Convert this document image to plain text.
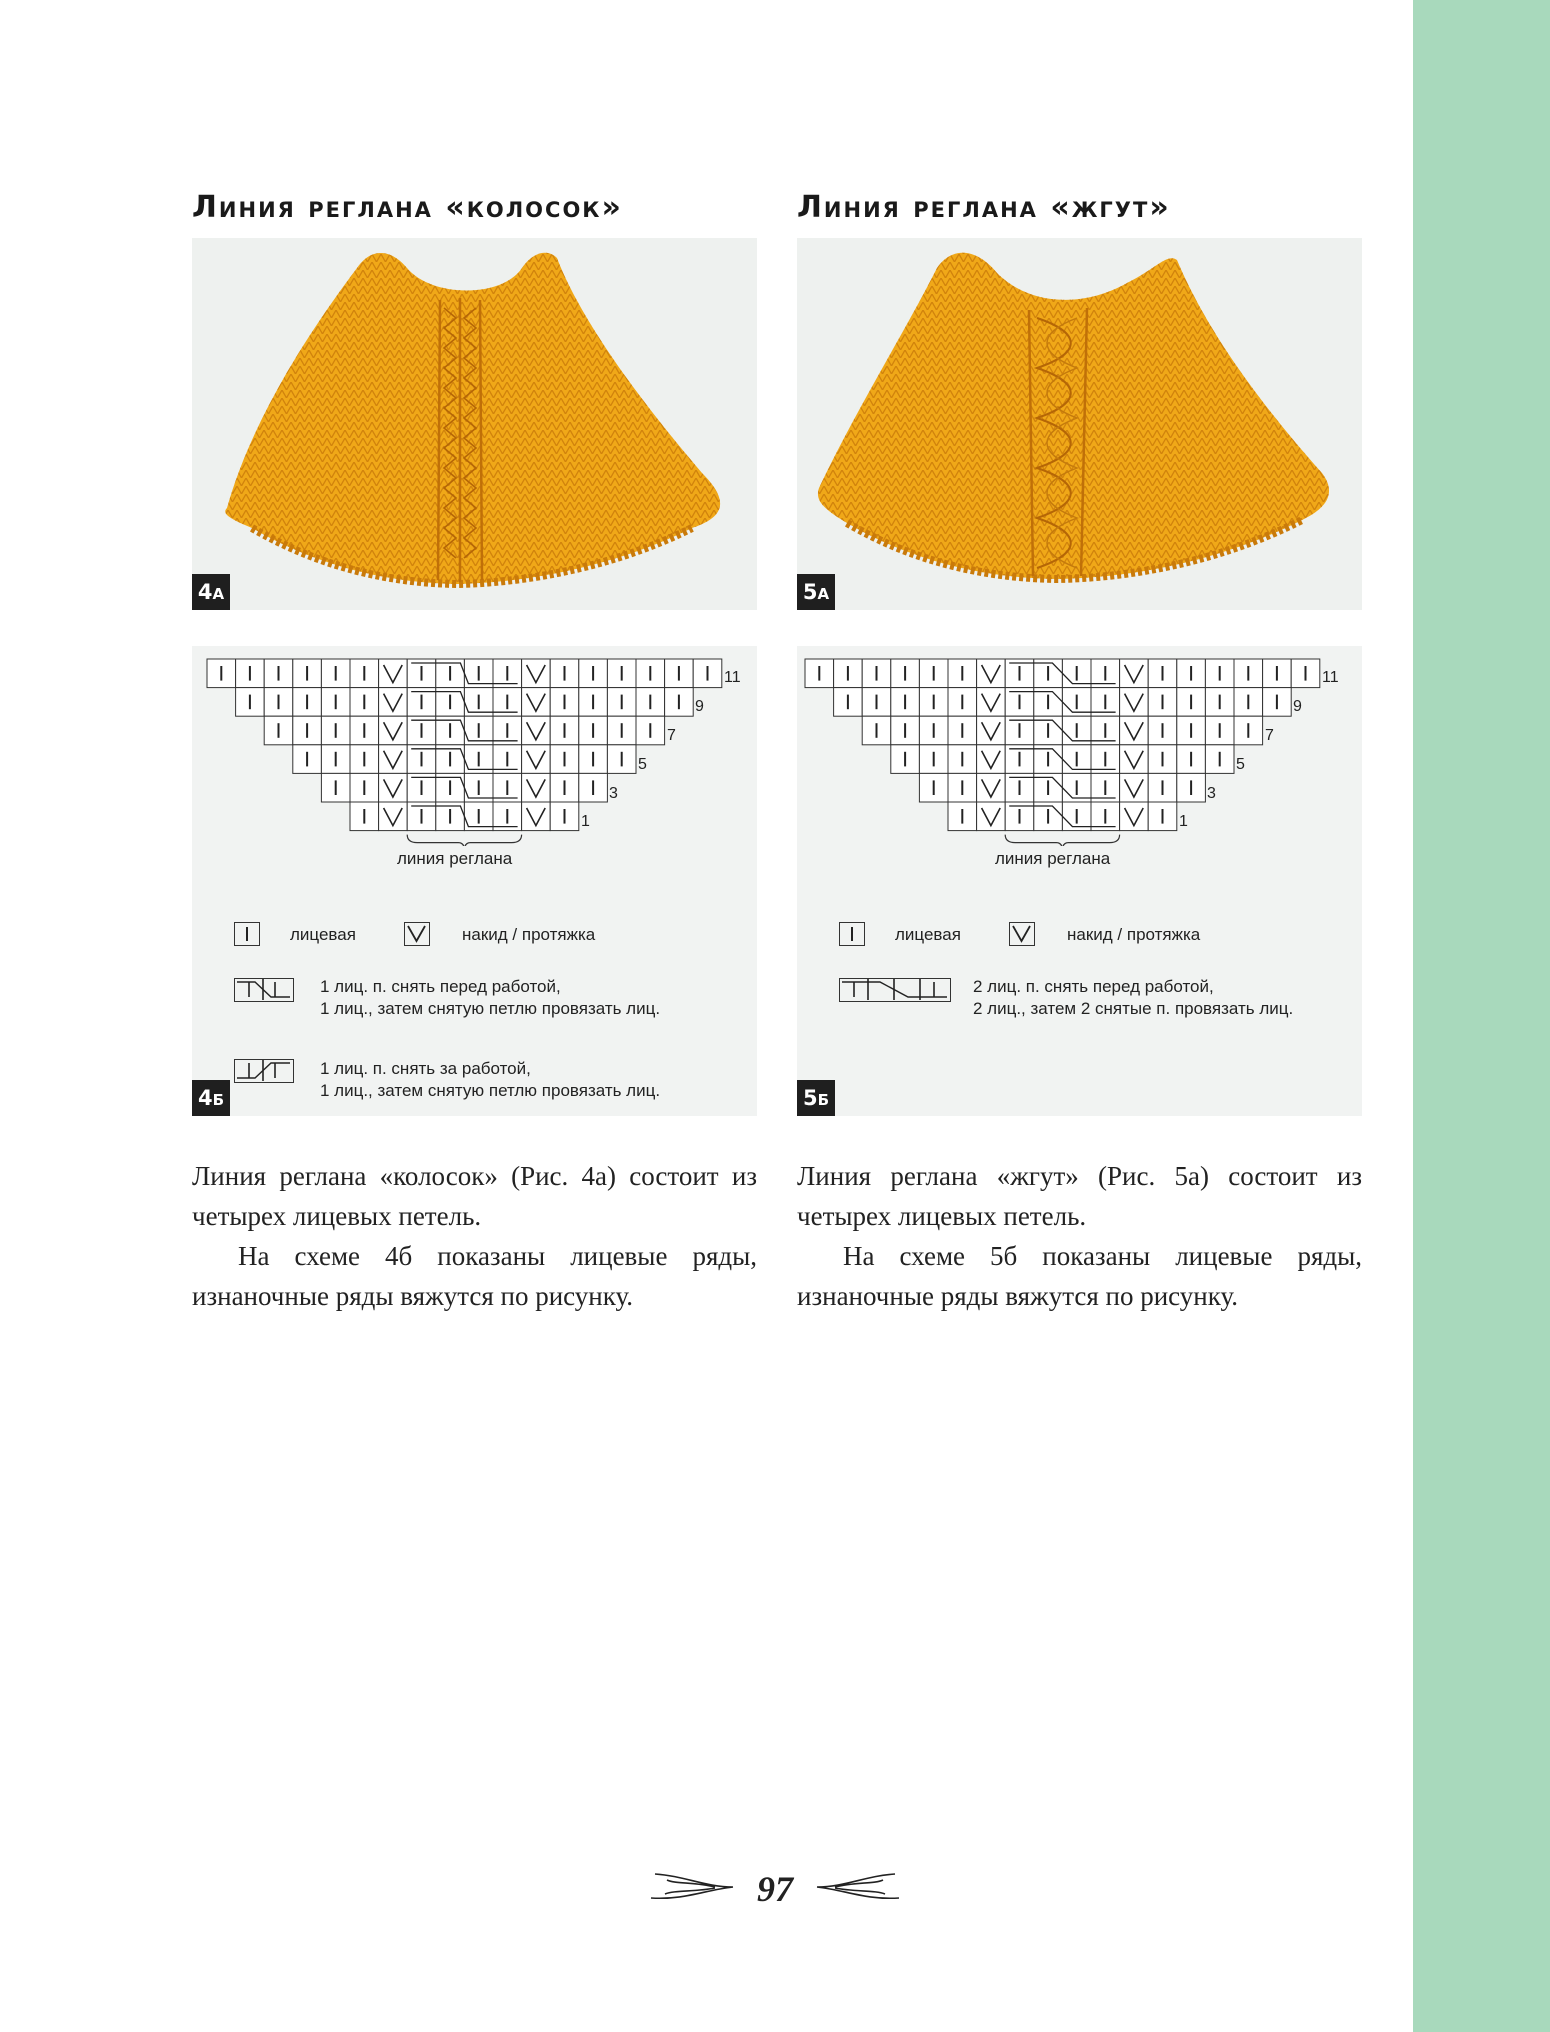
Линия реглана «колосок»
4а
11
9
7
5
3
1
линия реглана
лицевая	накид / протяжка
1 лиц. п. снять перед работой,
1 лиц., затем снятую петлю провязать лиц.
1 лиц. п. снять за работой,
1 лиц., затем снятую петлю провязать лиц.
4б

Линия реглана «колосок» (Рис. 4а) состоит из четырех лицевых петель.

На схеме 4б показаны лицевые ряды, изнаночные ряды вяжутся по рисунку.

Линия реглана «жгут»
5а
11
9
7
5
3
1
линия реглана
лицевая	накид / протяжка
2 лиц. п. снять перед работой,
2 лиц., затем 2 снятые п. провязать лиц.
5б

Линия реглана «жгут» (Рис. 5а) состоит из четырех лицевых петель.

На схеме 5б показаны лицевые ряды, изнаночные ряды вяжутся по рисунку.

97
